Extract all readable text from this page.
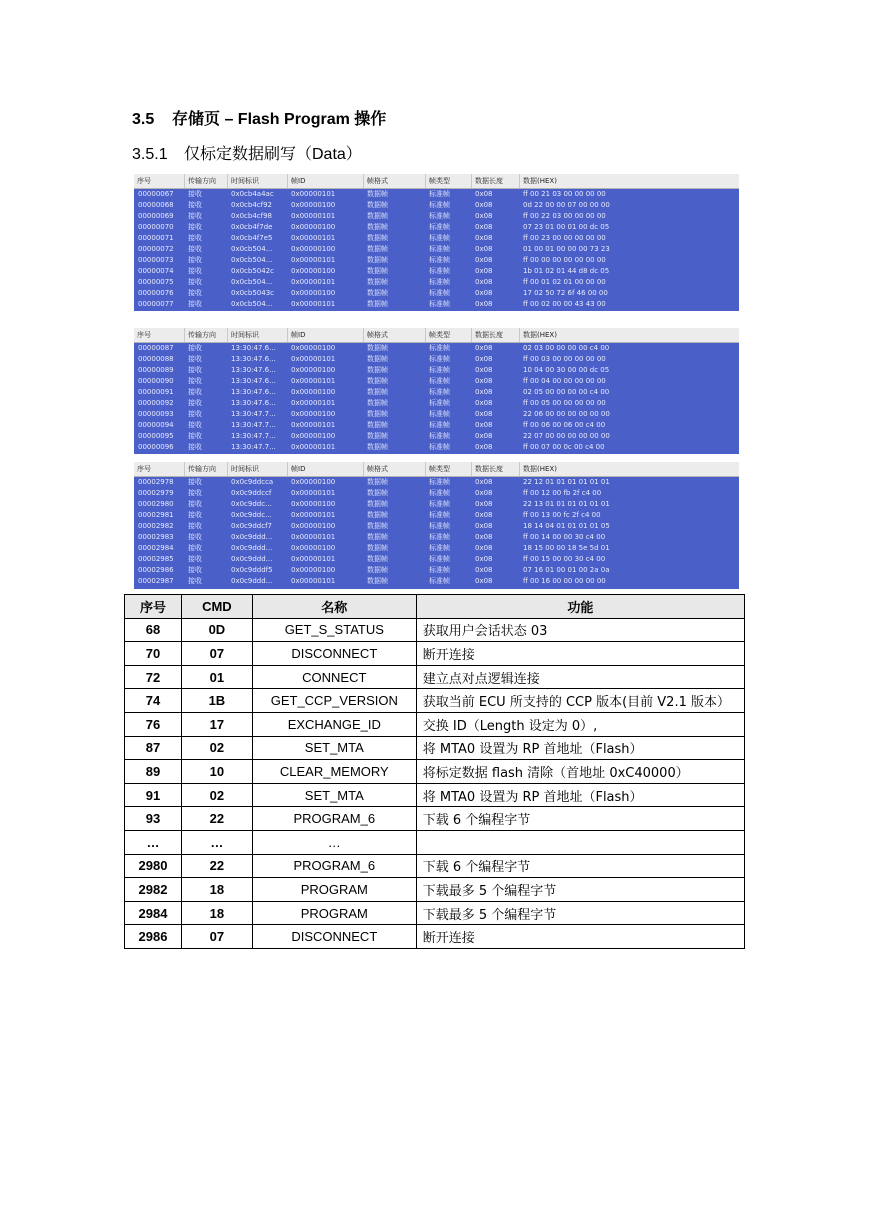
3.5 存储页 – Flash Program 操作
3.5.1 仅标定数据刷写（Data）
序号	传输方向	时间标识	帧ID	帧格式	帧类型	数据长度	数据(HEX)
00000067 接收	0x0cb4a4ac 0x00000101	数据帧	标准帧	0x08	ff 00 21 03 00 00 00 00
00000068 接收	0x0cb4cf92	0x00000100	数据帧	标准帧	0x08	0d 22 00 00 07 00 00 00
00000069 接收	0x0cb4cf98	0x00000101	数据帧	标准帧	0x08	ff 00 22 03 00 00 00 00
00000070 接收	0x0cb4f7de	0x00000100	数据帧	标准帧	0x08	07 23 01 00 01 00 dc 05
00000071 接收	0x0cb4f7e5	0x00000101	数据帧	标准帧	0x08	ff 00 23 00 00 00 00 00
00000072 接收	0x0cb504...	0x00000100	数据帧	标准帧	0x08	01 00 01 00 00 00 73 23
00000073 接收	0x0cb504...	0x00000101	数据帧	标准帧	0x08	ff 00 00 00 00 00 00 00
00000074 接收	0x0cb5042c 0x00000100	数据帧	标准帧	0x08	1b 01 02 01 44 d8 dc 05
00000075 接收	0x0cb504...	0x00000101	数据帧	标准帧	0x08	ff 00 01 02 01 00 00 00
00000076 接收	0x0cb5043c 0x00000100	数据帧	标准帧	0x08	17 02 50 72 6f 46 00 00
00000077 接收	0x0cb504...	0x00000101	数据帧	标准帧	0x08	ff 00 02 00 00 43 43 00
序号	传输方向	时间标识	帧ID	帧格式	帧类型	数据长度	数据(HEX)
00000087 接收	13:30:47.6... 0x00000100	数据帧	标准帧	0x08	02 03 00 00 00 00 c4 00
00000088 接收	13:30:47.6... 0x00000101	数据帧	标准帧	0x08	ff 00 03 00 00 00 00 00
00000089 接收	13:30:47.6... 0x00000100	数据帧	标准帧	0x08	10 04 00 30 00 00 dc 05
00000090 接收	13:30:47.6... 0x00000101	数据帧	标准帧	0x08	ff 00 04 00 00 00 00 00
00000091 接收	13:30:47.6... 0x00000100	数据帧	标准帧	0x08	02 05 00 00 00 00 c4 00
00000092 接收	13:30:47.6... 0x00000101	数据帧	标准帧	0x08	ff 00 05 00 00 00 00 00
00000093 接收	13:30:47.7... 0x00000100	数据帧	标准帧	0x08	22 06 00 00 00 00 00 00
00000094 接收	13:30:47.7... 0x00000101	数据帧	标准帧	0x08	ff 00 06 00 06 00 c4 00
00000095 接收	13:30:47.7... 0x00000100	数据帧	标准帧	0x08	22 07 00 00 00 00 00 00
00000096 接收	13:30:47.7... 0x00000101	数据帧	标准帧	0x08	ff 00 07 00 0c 00 c4 00
序号	传输方向	时间标识	帧ID	帧格式	帧类型	数据长度	数据(HEX)
00002978 接收	0x0c9ddcca	0x00000100	数据帧	标准帧	0x08	22 12 01 01 01 01 01 01
00002979 接收	0x0c9ddccf	0x00000101	数据帧	标准帧	0x08	ff 00 12 00 fb 2f c4 00
00002980 接收	0x0c9ddc...	0x00000100	数据帧	标准帧	0x08	22 13 01 01 01 01 01 01
00002981 接收	0x0c9ddc...	0x00000101	数据帧	标准帧	0x08	ff 00 13 00 fc 2f c4 00
00002982 接收	0x0c9ddcf7	0x00000100	数据帧	标准帧	0x08	18 14 04 01 01 01 01 05
00002983 接收	0x0c9ddd...	0x00000101	数据帧	标准帧	0x08	ff 00 14 00 00 30 c4 00
00002984 接收	0x0c9ddd...	0x00000100	数据帧	标准帧	0x08	18 15 00 00 18 5e 5d 01
00002985 接收	0x0c9ddd...	0x00000101	数据帧	标准帧	0x08	ff 00 15 00 00 30 c4 00
00002986 接收	0x0c9dddf5	0x00000100	数据帧	标准帧	0x08	07 16 01 00 01 00 2a 0a
00002987 接收	0x0c9ddd...	0x00000101	数据帧	标准帧	0x08	ff 00 16 00 00 00 00 00
序号	CMD	名称	功能
68	0D	GET_S_STATUS	获取用户会话状态 03
70	07	DISCONNECT	断开连接
72	01	CONNECT	建立点对点逻辑连接
74	1B	GET_CCP_VERSION	获取当前 ECU 所支持的 CCP 版本(目前 V2.1 版本）
76	17	EXCHANGE_ID	交换 ID（Length 设定为 0）,
87	02	SET_MTA	将 MTA0 设置为 RP 首地址（Flash）
89	10	CLEAR_MEMORY	将标定数据 flash 清除（首地址 0xC40000）
91	02	SET_MTA	将 MTA0 设置为 RP 首地址（Flash）
93	22	PROGRAM_6	下载 6 个编程字节
…	…	…	
2980	22	PROGRAM_6	下载 6 个编程字节
2982	18	PROGRAM	下载最多 5 个编程字节
2984	18	PROGRAM	下载最多 5 个编程字节
2986	07	DISCONNECT	断开连接
